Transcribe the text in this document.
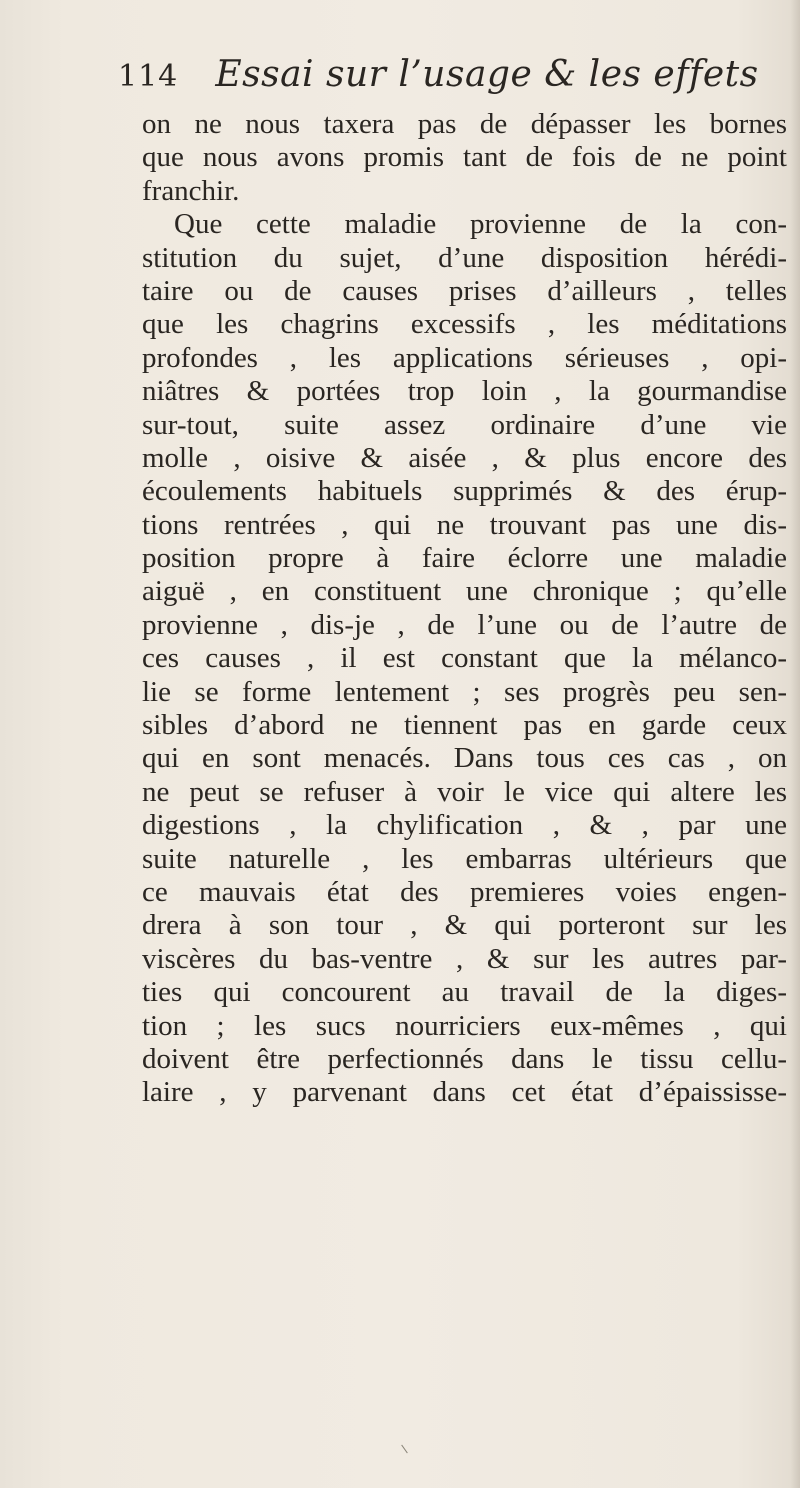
114 Essai sur l’usage & les effets
on ne nous taxera pas de dépasser les bornes
que nous avons promis tant de fois de ne point
franchir.
Que cette maladie provienne de la con-
stitution du sujet, d’une disposition hérédi-
taire ou de causes prises d’ailleurs , telles
que les chagrins excessifs , les méditations
profondes , les applications sérieuses , opi-
niâtres & portées trop loin , la gourmandise
sur-tout, suite assez ordinaire d’une vie
molle , oisive & aisée , & plus encore des
écoulements habituels supprimés & des érup-
tions rentrées , qui ne trouvant pas une dis-
position propre à faire éclorre une maladie
aiguë , en constituent une chronique ; qu’elle
provienne , dis-je , de l’une ou de l’autre de
ces causes , il est constant que la mélanco-
lie se forme lentement ; ses progrès peu sen-
sibles d’abord ne tiennent pas en garde ceux
qui en sont menacés. Dans tous ces cas , on
ne peut se refuser à voir le vice qui altere les
digestions , la chylification , & , par une
suite naturelle , les embarras ultérieurs que
ce mauvais état des premieres voies engen-
drera à son tour , & qui porteront sur les
viscères du bas-ventre , & sur les autres par-
ties qui concourent au travail de la diges-
tion ; les sucs nourriciers eux-mêmes , qui
doivent être perfectionnés dans le tissu cellu-
laire , y parvenant dans cet état d’épaississe-
